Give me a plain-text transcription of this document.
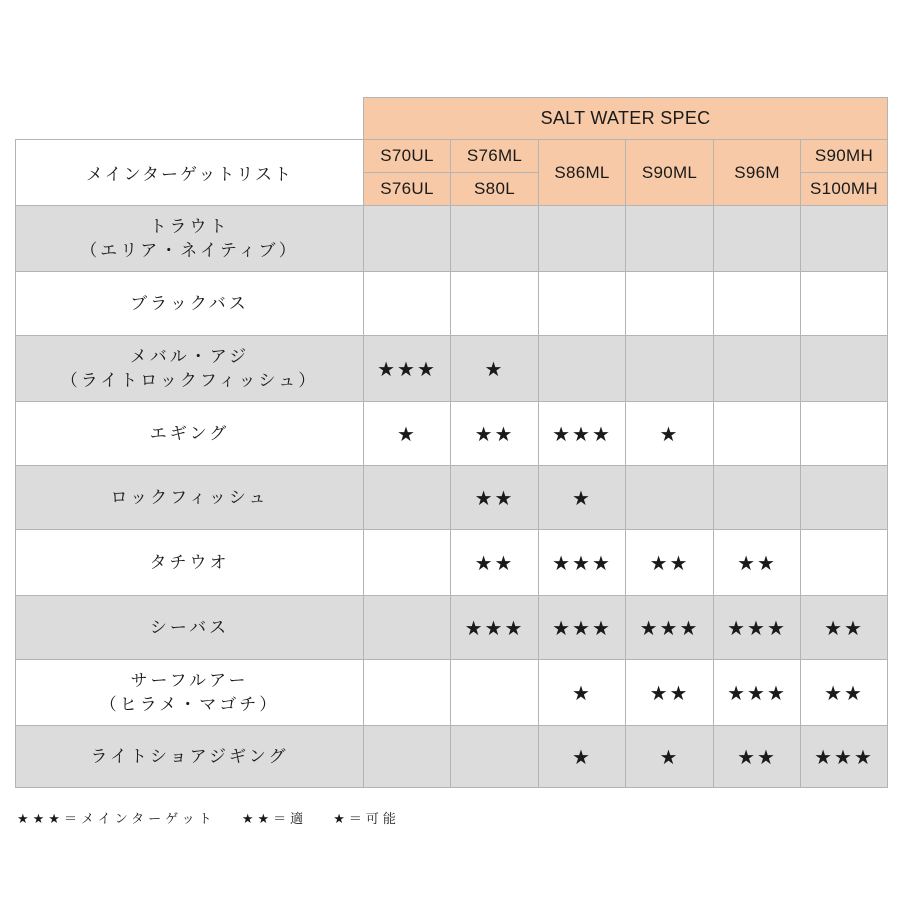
	SALT WATER SPEC					
メインターゲットリスト	S70UL	S76ML	S86ML	S90ML	S96M	S90MH
	S76UL	S80L				S100MH

トラウト
（エリア・ネイティブ）						

ブラックバス						

メバル・アジ
（ライトロックフィッシュ）	★★★	★				

エギング	★	★★	★★★	★		

ロックフィッシュ		★★	★			

タチウオ		★★	★★★	★★	★★	

シーバス		★★★	★★★	★★★	★★★	★★

サーフルアー
（ヒラメ・マゴチ）			★	★★	★★★	★★

ライトショアジギング			★	★	★★	★★★
★★★＝メインターゲット ★★＝適 ★＝可能
